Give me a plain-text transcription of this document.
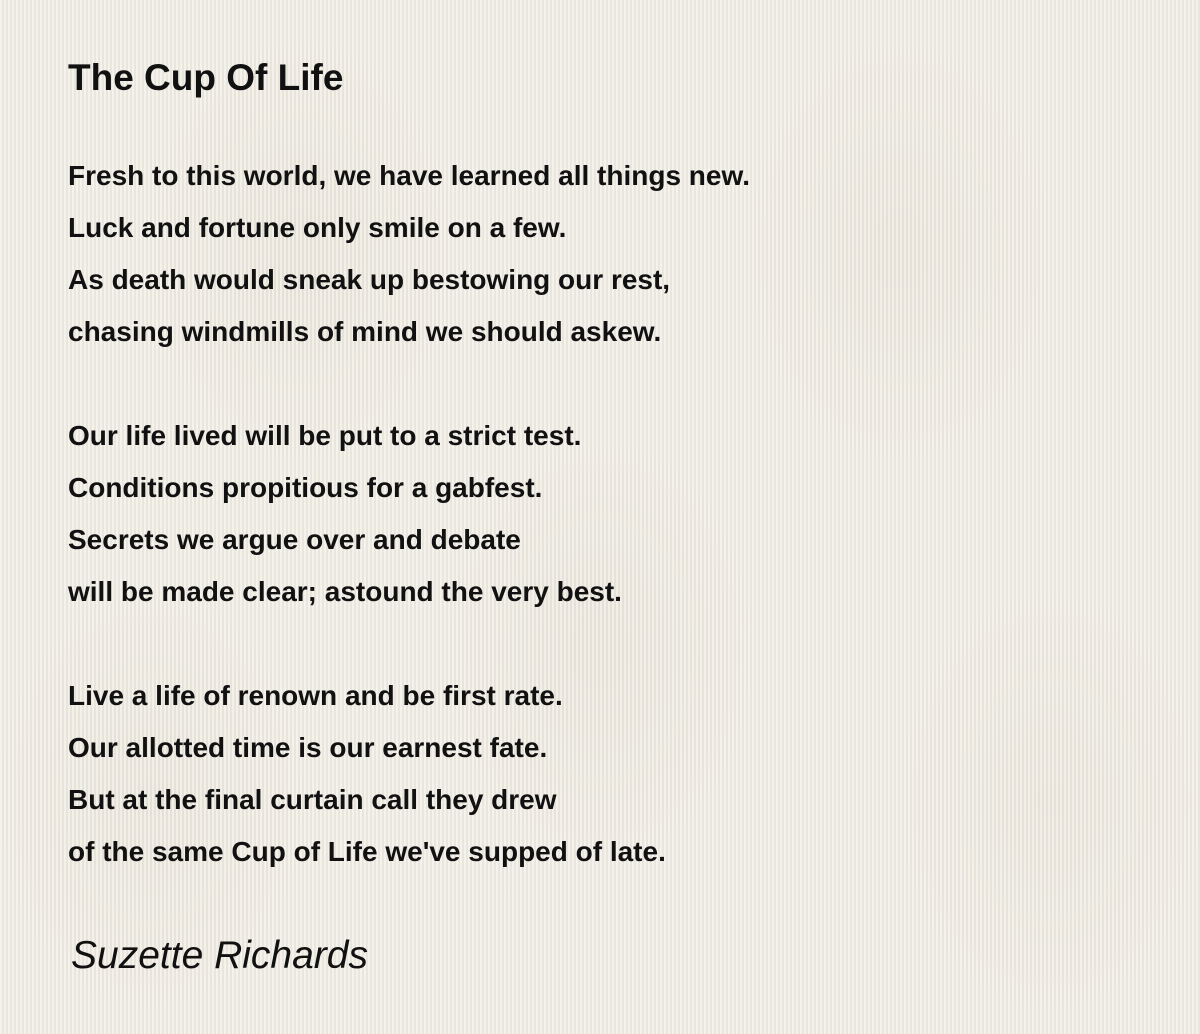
The Cup Of Life

Fresh to this world, we have learned all things new.
Luck and fortune only smile on a few.
As death would sneak up bestowing our rest,
chasing windmills of mind we should askew.

Our life lived will be put to a strict test.
Conditions propitious for a gabfest.
Secrets we argue over and debate
will be made clear; astound the very best.

Live a life of renown and be first rate.
Our allotted time is our earnest fate.
But at the final curtain call they drew
of the same Cup of Life we've supped of late.

Suzette Richards
